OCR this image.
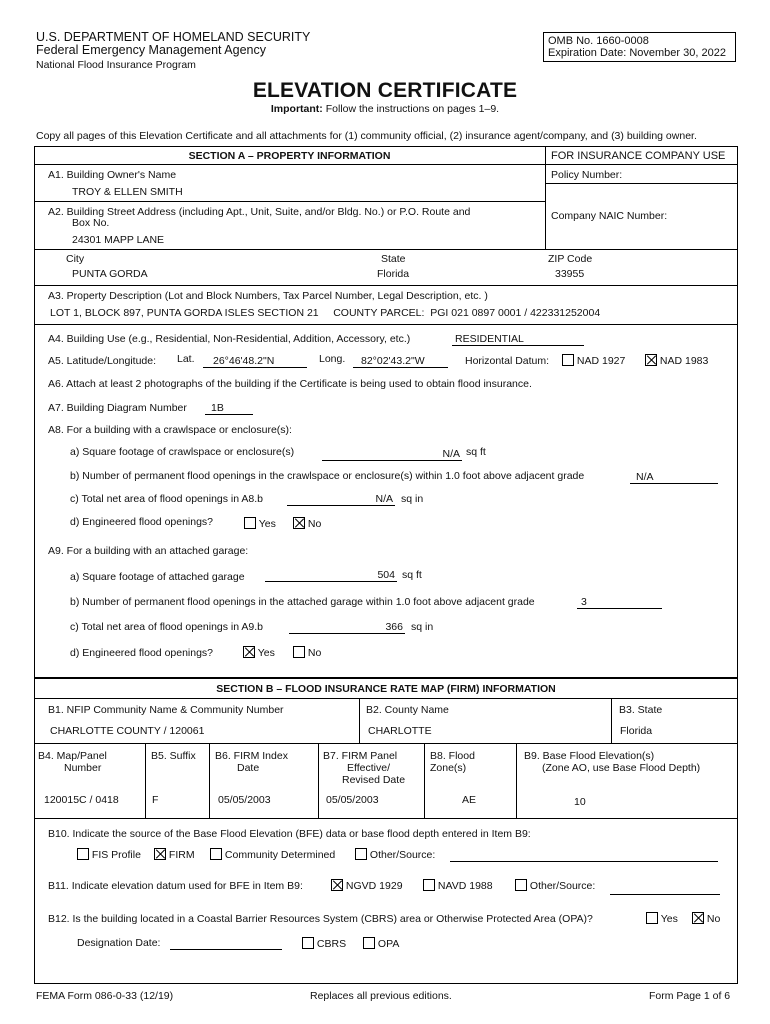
U.S. DEPARTMENT OF HOMELAND SECURITY
Federal Emergency Management Agency
National Flood Insurance Program
OMB No. 1660-0008
Expiration Date: November 30, 2022
ELEVATION CERTIFICATE
Important: Follow the instructions on pages 1–9.
Copy all pages of this Elevation Certificate and all attachments for (1) community official, (2) insurance agent/company, and (3) building owner.
SECTION A – PROPERTY INFORMATION	FOR INSURANCE COMPANY USE
A1. Building Owner's Name
TROY & ELLEN SMITH
Policy Number:
A2. Building Street Address (including Apt., Unit, Suite, and/or Bldg. No.) or P.O. Route and
Box No.
24301 MAPP LANE
Company NAIC Number:
City
PUNTA GORDA
State
Florida
ZIP Code
33955
A3. Property Description (Lot and Block Numbers, Tax Parcel Number, Legal Description, etc. )
LOT 1, BLOCK 897, PUNTA GORDA ISLES SECTION 21     COUNTY PARCEL:  PGI 021 0897 0001 / 422331252004
A4. Building Use (e.g., Residential, Non-Residential, Addition, Accessory, etc.)	RESIDENTIAL
A5. Latitude/Longitude: Lat.	26°46'48.2"N	Long.	82°02'43.2"W	Horizontal Datum:	NAD 1927	NAD 1983
A6. Attach at least 2 photographs of the building if the Certificate is being used to obtain flood insurance.
A7. Building Diagram Number	1B
A8. For a building with a crawlspace or enclosure(s):
a) Square footage of crawlspace or enclosure(s)	N/A sq ft
b) Number of permanent flood openings in the crawlspace or enclosure(s) within 1.0 foot above adjacent grade	N/A
c) Total net area of flood openings in A8.b	N/A sq in
d) Engineered flood openings?	Yes	No
A9. For a building with an attached garage:
a) Square footage of attached garage	504 sq ft
b) Number of permanent flood openings in the attached garage within 1.0 foot above adjacent grade	3
c) Total net area of flood openings in A9.b	366 sq in
d) Engineered flood openings?	Yes	No
SECTION B – FLOOD INSURANCE RATE MAP (FIRM) INFORMATION
B1. NFIP Community Name & Community Number
CHARLOTTE COUNTY / 120061
B2. County Name
CHARLOTTE
B3. State
Florida
B4. Map/Panel
Number
120015C / 0418
B5. Suffix
F
B6. FIRM Index
Date
05/05/2003
B7. FIRM Panel
Effective/
Revised Date
05/05/2003
B8. Flood
Zone(s)
AE
B9. Base Flood Elevation(s)
(Zone AO, use Base Flood Depth)
10
B10. Indicate the source of the Base Flood Elevation (BFE) data or base flood depth entered in Item B9:
FIS Profile	FIRM	Community Determined	Other/Source:
B11. Indicate elevation datum used for BFE in Item B9:	NGVD 1929	NAVD 1988	Other/Source:
B12. Is the building located in a Coastal Barrier Resources System (CBRS) area or Otherwise Protected Area (OPA)?	Yes	No
Designation Date:	CBRS	OPA
FEMA Form 086-0-33 (12/19)	Replaces all previous editions.	Form Page 1 of 6
